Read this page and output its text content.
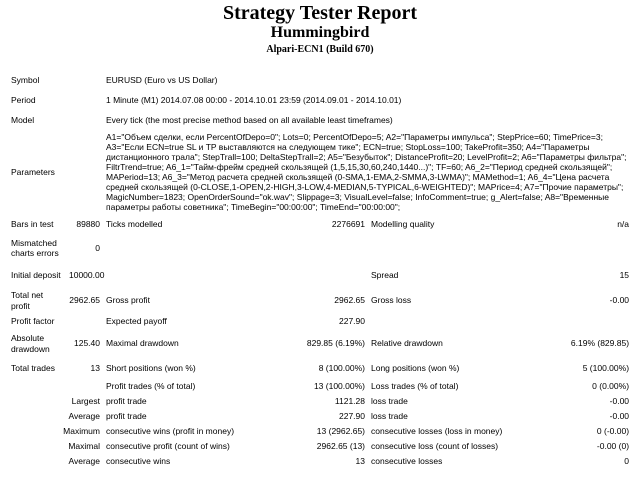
Strategy Tester Report
Hummingbird
Alpari-ECN1 (Build 670)
Symbol		EURUSD (Euro vs US Dollar)			
Period		1 Minute (M1) 2014.07.08 00:00 - 2014.10.01 23:59 (2014.09.01 - 2014.10.01)			
Model		Every tick (the most precise method based on all available least timeframes)			
Parameters		A1="Объем сделки, если PercentOfDepo=0"; Lots=0; PercentOfDepo=5; A2="Параметры импульса"; StepPrice=60; TimePrice=3; A3="Если ECN=true SL и TP выставляются на следующем тике"; ECN=true; StopLoss=100; TakeProfit=350; A4="Параметры дистанционного трала"; StepTrall=100; DeltaStepTrall=2; A5="Безубыток"; DistanceProfit=20; LevelProfit=2; A6="Параметры фильтра"; FiltrTrend=true; A6_1="Тайм-фрейм средней скользящей (1,5,15,30,60,240,1440...)"; TF=60; A6_2="Период средней скользящей"; MAPeriod=13; A6_3="Метод расчета средней скользящей (0-SMA,1-EMA,2-SMMA,3-LWMA)"; MAMethod=1; A6_4="Цена расчета средней скользящей (0-CLOSE,1-OPEN,2-HIGH,3-LOW,4-MEDIAN,5-TYPICAL,6-WEIGHTED)"; MAPrice=4; A7="Прочие параметры"; MagicNumber=1823; OpenOrderSound="ok.wav"; Slippage=3; VisualLevel=false; InfoComment=true; g_Alert=false; A8="Временные параметры работы советника"; TimeBegin="00:00:00"; TimeEnd="00:00:00";			
Bars in test	89880	Ticks modelled	2276691	Modelling quality	n/a
Mismatched charts errors	0				
Initial deposit	10000.00			Spread	15
Total net profit	2962.65	Gross profit	2962.65	Gross loss	-0.00
Profit factor		Expected payoff	227.90		
Absolute drawdown	125.40	Maximal drawdown	829.85 (6.19%)	Relative drawdown	6.19% (829.85)
Total trades	13	Short positions (won %)	8 (100.00%)	Long positions (won %)	5 (100.00%)
		Profit trades (% of total)	13 (100.00%)	Loss trades (% of total)	0 (0.00%)
Largest		profit trade	1121.28	loss trade	-0.00
Average		profit trade	227.90	loss trade	-0.00
Maximum		consecutive wins (profit in money)	13 (2962.65)	consecutive losses (loss in money)	0 (-0.00)
Maximal		consecutive profit (count of wins)	2962.65 (13)	consecutive loss (count of losses)	-0.00 (0)
Average		consecutive wins	13	consecutive losses	0
